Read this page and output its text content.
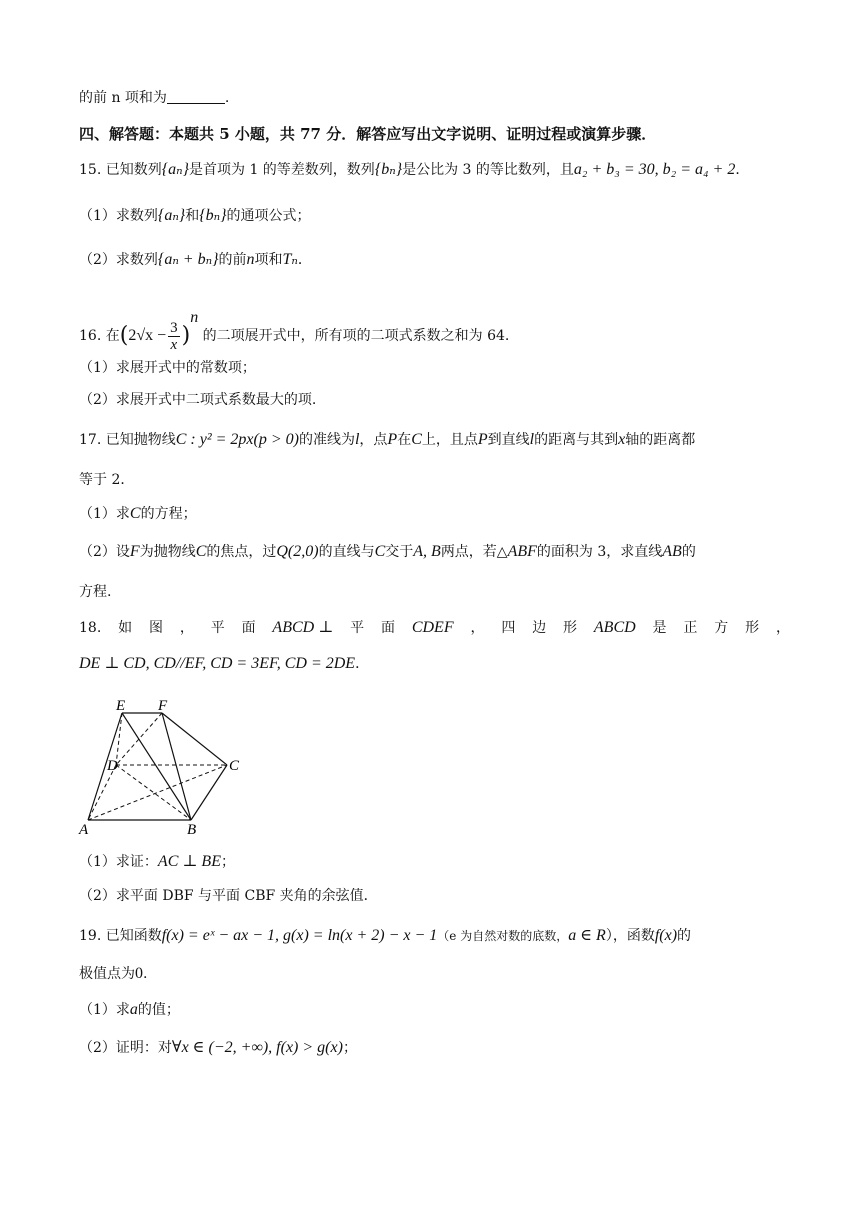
的前 n 项和为	.
四、解答题：本题共 5 小题，共 77 分．解答应写出文字说明、证明过程或演算步骤．
15. 已知数列{aₙ}是首项为 1 的等差数列，数列{bₙ}是公比为 3 的等比数列，且a₂ + b₃ = 30, b₂ = a₄ + 2．
（1）求数列{aₙ}和{bₙ}的通项公式；
（2）求数列{aₙ + bₙ}的前n项和Tₙ．
16. 在$(2√x - \frac{3}{x} )^n$ 的二项展开式中，所有项的二项式系数之和为 64.
（1）求展开式中的常数项；
（2）求展开式中二项式系数最大的项.
17. 已知抛物线C : y² = 2px(p > 0)的准线为l，点P在C上，且点P到直线l的距离与其到x轴的距离都
等于 2．
（1）求C的方程；
（2）设F为抛物线C的焦点，过Q(2,0)的直线与C交于A, B两点，若△ABF的面积为 3，求直线AB的
方程.
18. 如 图 ， 平 面 ABCD ⊥ 平 面 CDEF ， 四 边 形 ABCD 是 正 方 形 ，
DE ⊥ CD, CD//EF, CD = 3EF, CD = 2DE．
E F
D	C
A	B
（1）求证：AC ⊥ BE；
（2）求平面 DBF 与平面 CBF 夹角的余弦值．
19. 已知函数f(x) = eˣ − ax − 1, g(x) = ln(x + 2) − x − 1（e 为自然对数的底数，a ∈ R），函数f(x)的
极值点为0.
（1）求a的值；
（2）证明：对∀x ∈ (−2, +∞), f(x) > g(x)；
